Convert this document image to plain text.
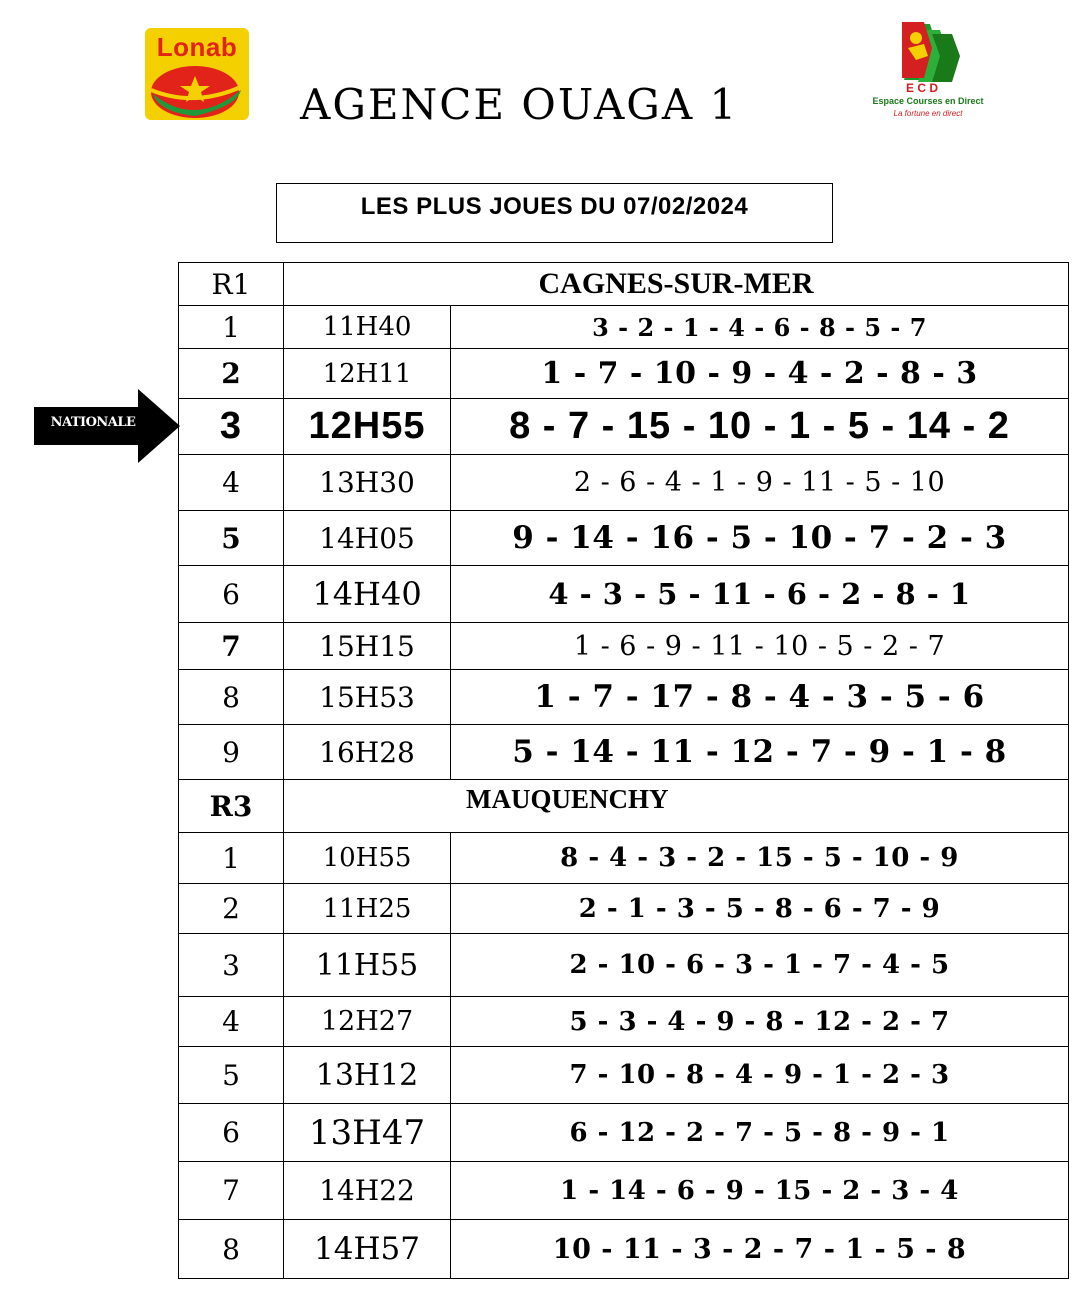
Lonab
AGENCE OUAGA 1	E C D
Espace Courses en Direct
La fortune en direct
LES PLUS JOUES DU 07/02/2024
NATIONALE
R1	CAGNES-SUR-MER	
1	11H40	3 - 2 - 1 - 4 - 6 - 8 - 5 - 7
2	12H11	1 - 7 - 10 - 9 - 4 - 2 - 8 - 3
3	12H55	8 - 7 - 15 - 10 - 1 - 5 - 14 - 2
4	13H30	2 - 6 - 4 - 1 - 9 - 11 - 5 - 10
5	14H05	9 - 14 - 16 - 5 - 10 - 7 - 2 - 3
6	14H40	4 - 3 - 5 - 11 - 6 - 2 - 8 - 1
7	15H15	1 - 6 - 9 - 11 - 10 - 5 - 2 - 7
8	15H53	1 - 7 - 17 - 8 - 4 - 3 - 5 - 6
9	16H28	5 - 14 - 11 - 12 - 7 - 9 - 1 - 8
R3	MAUQUENCHY	
1	10H55	8 - 4 - 3 - 2 - 15 - 5 - 10 - 9
2	11H25	2 - 1 - 3 - 5 - 8 - 6 - 7 - 9
3	11H55	2 - 10 - 6 - 3 - 1 - 7 - 4 - 5
4	12H27	5 - 3 - 4 - 9 - 8 - 12 - 2 - 7
5	13H12	7 - 10 - 8 - 4 - 9 - 1 - 2 - 3
6	13H47	6 - 12 - 2 - 7 - 5 - 8 - 9 - 1
7	14H22	1 - 14 - 6 - 9 - 15 - 2 - 3 - 4
8	14H57	10 - 11 - 3 - 2 - 7 - 1 - 5 - 8
